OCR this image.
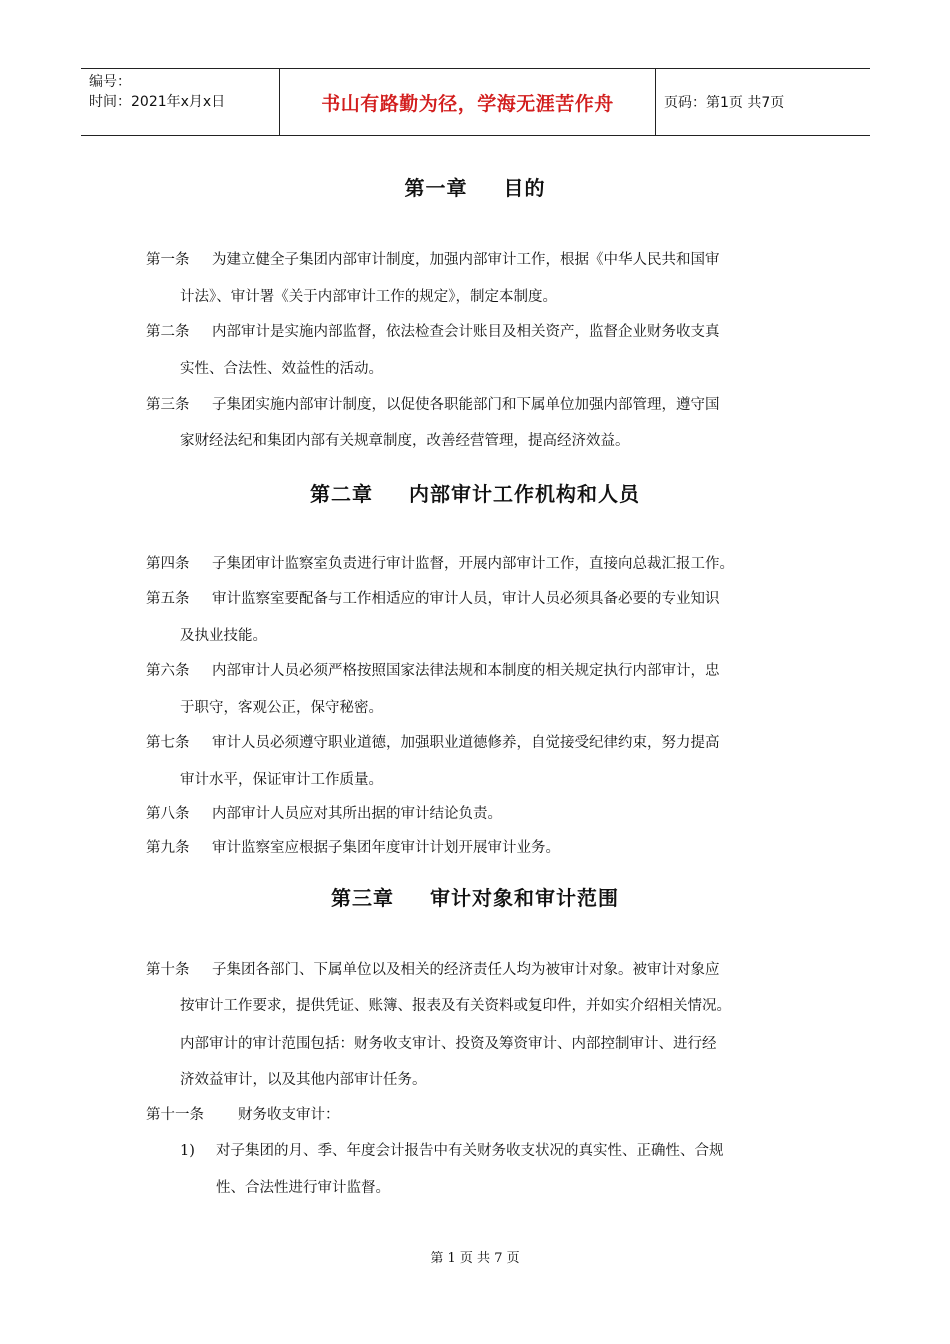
编号：
时间：2021年x月x日	书山有路勤为径，学海无涯苦作舟	页码：第1页 共7页
第一章 目的
第一条 为建立健全子集团内部审计制度，加强内部审计工作，根据《中华人民共和国审
计法》、审计署《关于内部审计工作的规定》，制定本制度。
第二条 内部审计是实施内部监督，依法检查会计账目及相关资产，监督企业财务收支真
实性、合法性、效益性的活动。
第三条 子集团实施内部审计制度，以促使各职能部门和下属单位加强内部管理，遵守国
家财经法纪和集团内部有关规章制度，改善经营管理，提高经济效益。
第二章 内部审计工作机构和人员
第四条 子集团审计监察室负责进行审计监督，开展内部审计工作，直接向总裁汇报工作。
第五条 审计监察室要配备与工作相适应的审计人员，审计人员必须具备必要的专业知识
及执业技能。
第六条 内部审计人员必须严格按照国家法律法规和本制度的相关规定执行内部审计，忠
于职守，客观公正，保守秘密。
第七条 审计人员必须遵守职业道德，加强职业道德修养，自觉接受纪律约束，努力提高
审计水平，保证审计工作质量。
第八条 内部审计人员应对其所出据的审计结论负责。
第九条 审计监察室应根据子集团年度审计计划开展审计业务。
第三章 审计对象和审计范围
第十条 子集团各部门、下属单位以及相关的经济责任人均为被审计对象。被审计对象应
按审计工作要求，提供凭证、账簿、报表及有关资料或复印件，并如实介绍相关情况。
内部审计的审计范围包括：财务收支审计、投资及筹资审计、内部控制审计、进行经
济效益审计，以及其他内部审计任务。
第十一条 财务收支审计：
1) 对子集团的月、季、年度会计报告中有关财务收支状况的真实性、正确性、合规
性、合法性进行审计监督。
第 1 页 共 7 页
